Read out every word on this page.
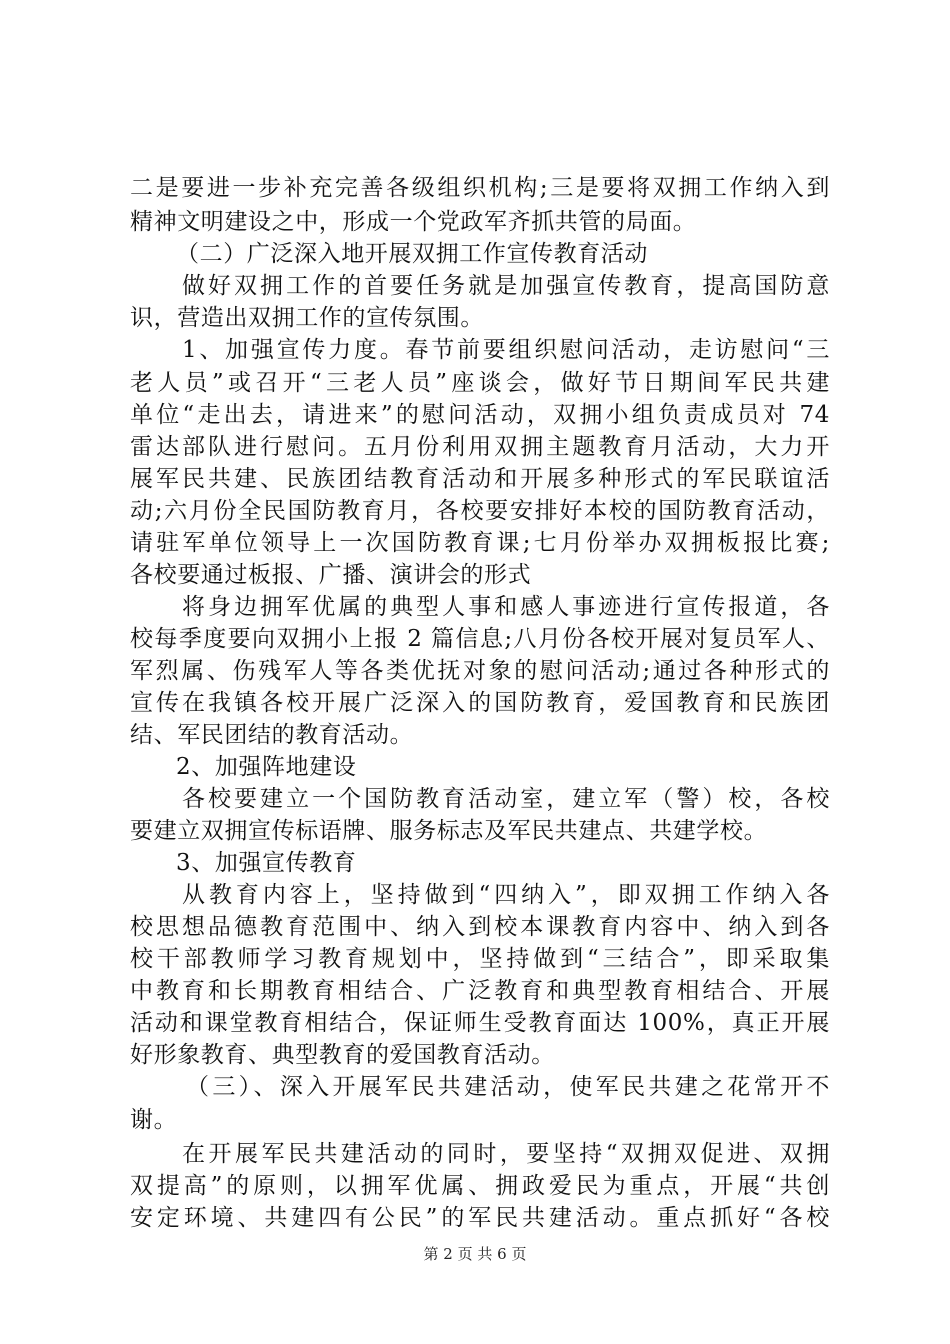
二是要进一步补充完善各级组织机构;三是要将双拥工作纳入到
精神文明建设之中，形成一个党政军齐抓共管的局面。
（二）广泛深入地开展双拥工作宣传教育活动
做好双拥工作的首要任务就是加强宣传教育，提高国防意
识，营造出双拥工作的宣传氛围。
1、加强宣传力度。春节前要组织慰问活动，走访慰问“三
老人员”或召开“三老人员”座谈会，做好节日期间军民共建
单位“走出去，请进来”的慰问活动，双拥小组负责成员对 74
雷达部队进行慰问。五月份利用双拥主题教育月活动，大力开
展军民共建、民族团结教育活动和开展多种形式的军民联谊活
动;六月份全民国防教育月，各校要安排好本校的国防教育活动，
请驻军单位领导上一次国防教育课;七月份举办双拥板报比赛;
各校要通过板报、广播、演讲会的形式
将身边拥军优属的典型人事和感人事迹进行宣传报道，各
校每季度要向双拥小上报 2 篇信息;八月份各校开展对复员军人、
军烈属、伤残军人等各类优抚对象的慰问活动;通过各种形式的
宣传在我镇各校开展广泛深入的国防教育，爱国教育和民族团
结、军民团结的教育活动。
2、加强阵地建设
各校要建立一个国防教育活动室，建立军（警）校，各校
要建立双拥宣传标语牌、服务标志及军民共建点、共建学校。
3、加强宣传教育
从教育内容上，坚持做到“四纳入”，即双拥工作纳入各
校思想品德教育范围中、纳入到校本课教育内容中、纳入到各
校干部教师学习教育规划中，坚持做到“三结合”，即采取集
中教育和长期教育相结合、广泛教育和典型教育相结合、开展
活动和课堂教育相结合，保证师生受教育面达 100%，真正开展
好形象教育、典型教育的爱国教育活动。
（三）、深入开展军民共建活动，使军民共建之花常开不
谢。
在开展军民共建活动的同时，要坚持“双拥双促进、双拥
双提高”的原则，以拥军优属、拥政爱民为重点，开展“共创
安定环境、共建四有公民”的军民共建活动。重点抓好“各校
第 2 页 共 6 页
